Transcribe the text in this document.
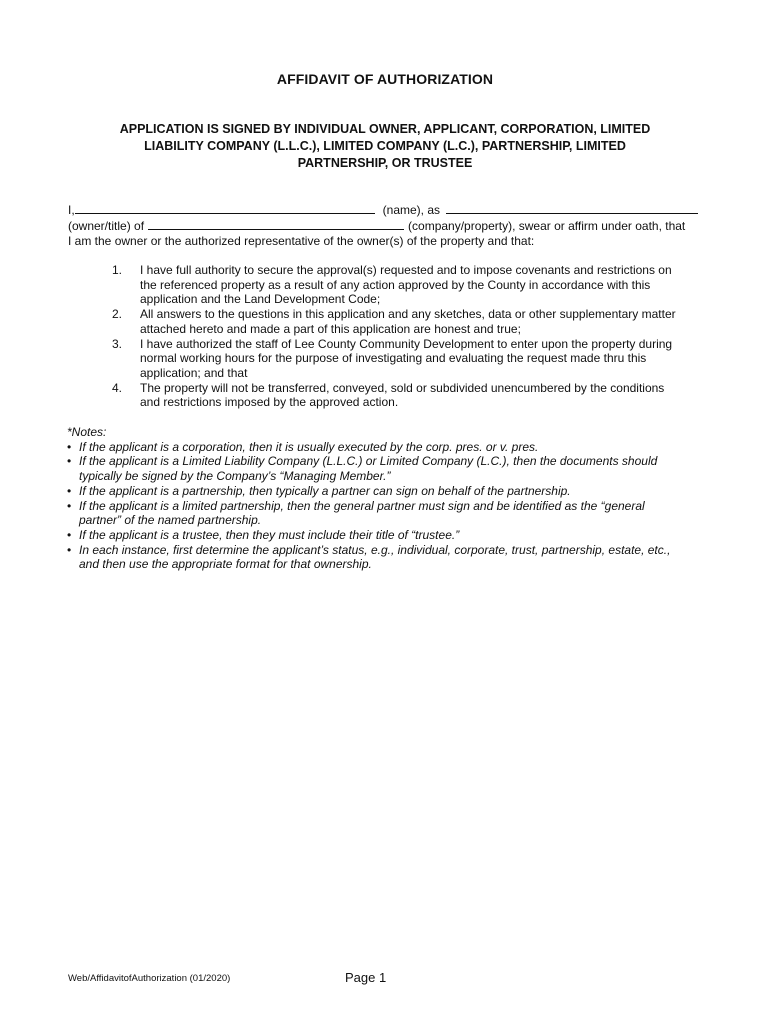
AFFIDAVIT OF AUTHORIZATION
APPLICATION IS SIGNED BY INDIVIDUAL OWNER, APPLICANT, CORPORATION, LIMITED
LIABILITY COMPANY (L.L.C.), LIMITED COMPANY (L.C.), PARTNERSHIP, LIMITED
PARTNERSHIP, OR TRUSTEE
I,	(name), as
(owner/title) of	(company/property), swear or affirm under oath, that
I am the owner or the authorized representative of the owner(s) of the property and that:
1.	I have full authority to secure the approval(s) requested and to impose covenants and restrictions on
the referenced property as a result of any action approved by the County in accordance with this
application and the Land Development Code;
2.	All answers to the questions in this application and any sketches, data or other supplementary matter
attached hereto and made a part of this application are honest and true;
3.	I have authorized the staff of Lee County Community Development to enter upon the property during
normal working hours for the purpose of investigating and evaluating the request made thru this
application; and that
4.	The property will not be transferred, conveyed, sold or subdivided unencumbered by the conditions
and restrictions imposed by the approved action.
*Notes:
• If the applicant is a corporation, then it is usually executed by the corp. pres. or v. pres.
• If the applicant is a Limited Liability Company (L.L.C.) or Limited Company (L.C.), then the documents should
typically be signed by the Company’s “Managing Member.”
• If the applicant is a partnership, then typically a partner can sign on behalf of the partnership.
• If the applicant is a limited partnership, then the general partner must sign and be identified as the “general
partner” of the named partnership.
• If the applicant is a trustee, then they must include their title of “trustee.”
• In each instance, first determine the applicant’s status, e.g., individual, corporate, trust, partnership, estate, etc.,
and then use the appropriate format for that ownership.
Web/AffidavitofAuthorization (01/2020)	Page 1
